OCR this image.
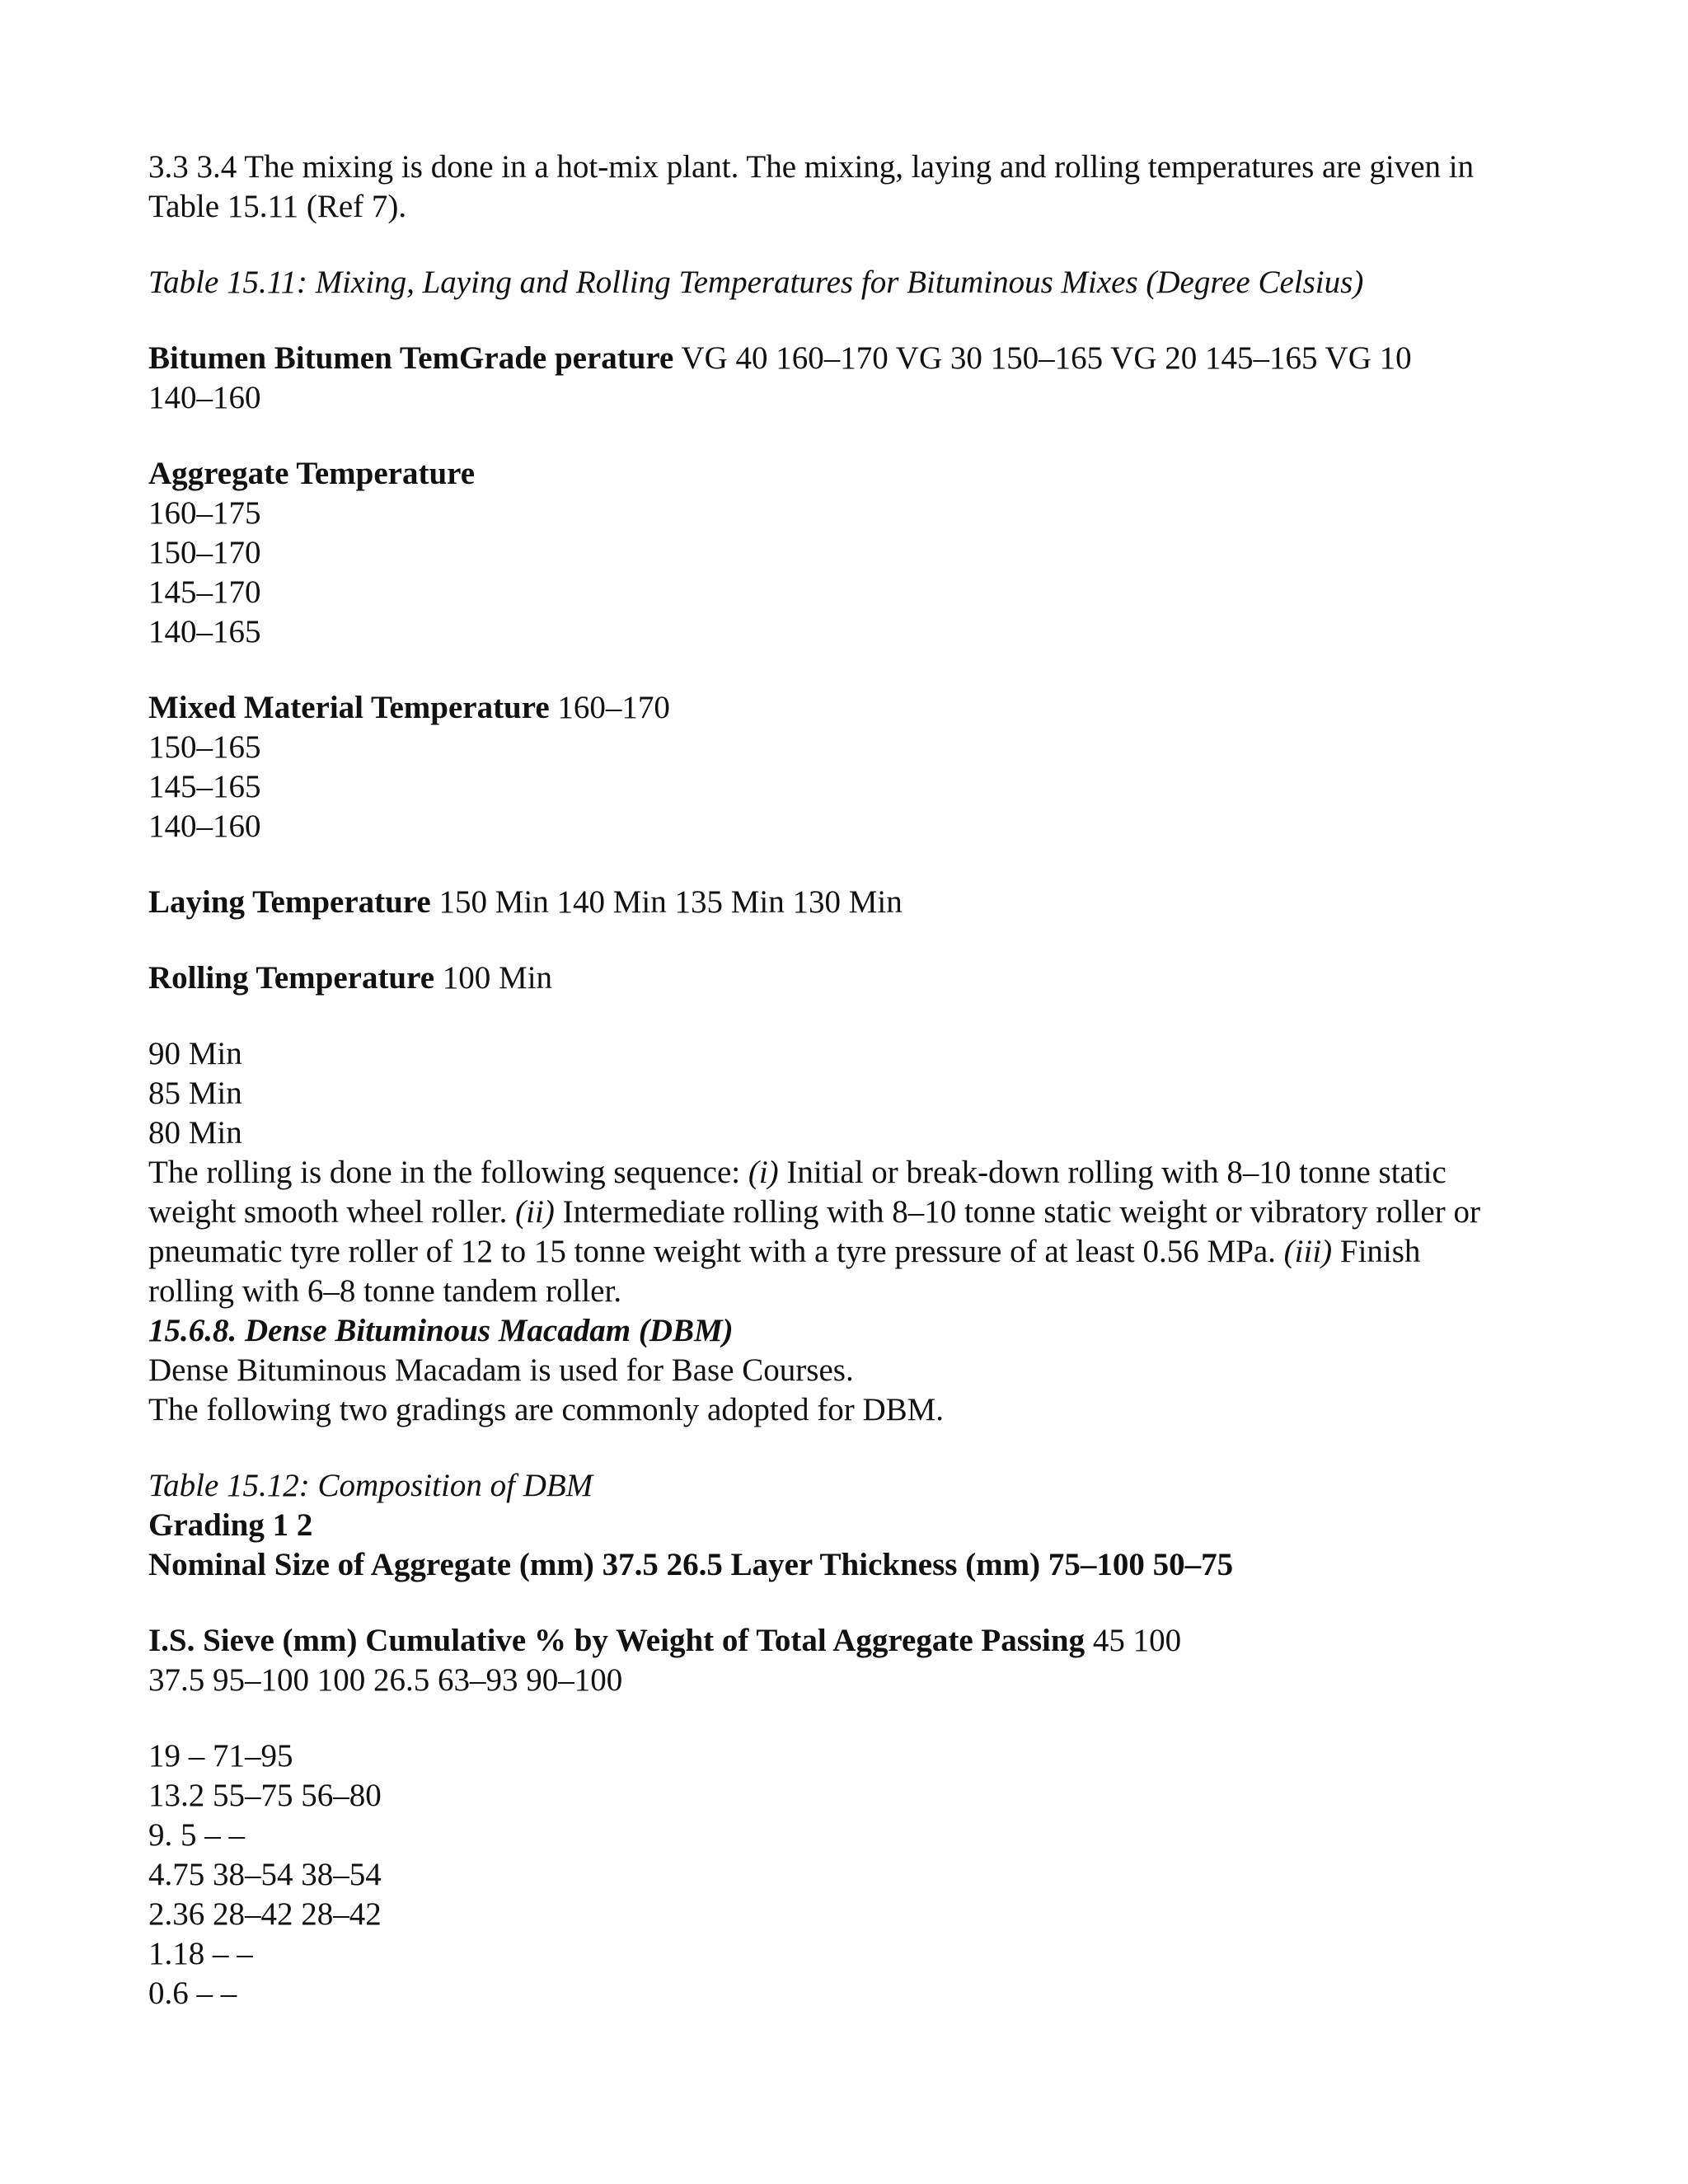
3.3 3.4 The mixing is done in a hot-mix plant. The mixing, laying and rolling temperatures are given in
Table 15.11 (Ref 7).

Table 15.11: Mixing, Laying and Rolling Temperatures for Bituminous Mixes (Degree Celsius)

Bitumen Bitumen TemGrade perature VG 40 160–170 VG 30 150–165 VG 20 145–165 VG 10
140–160

Aggregate Temperature
160–175
150–170
145–170
140–165

Mixed Material Temperature 160–170
150–165
145–165
140–160

Laying Temperature 150 Min 140 Min 135 Min 130 Min

Rolling Temperature 100 Min

90 Min
85 Min
80 Min
The rolling is done in the following sequence: (i) Initial or break-down rolling with 8–10 tonne static
weight smooth wheel roller. (ii) Intermediate rolling with 8–10 tonne static weight or vibratory roller or
pneumatic tyre roller of 12 to 15 tonne weight with a tyre pressure of at least 0.56 MPa. (iii) Finish
rolling with 6–8 tonne tandem roller.
15.6.8. Dense Bituminous Macadam (DBM)
Dense Bituminous Macadam is used for Base Courses.
The following two gradings are commonly adopted for DBM.

Table 15.12: Composition of DBM
Grading 1 2
Nominal Size of Aggregate (mm) 37.5 26.5 Layer Thickness (mm) 75–100 50–75

I.S. Sieve (mm) Cumulative % by Weight of Total Aggregate Passing 45 100
37.5 95–100 100 26.5 63–93 90–100

19 – 71–95
13.2 55–75 56–80
9. 5 – –
4.75 38–54 38–54
2.36 28–42 28–42
1.18 – –
0.6 – –
